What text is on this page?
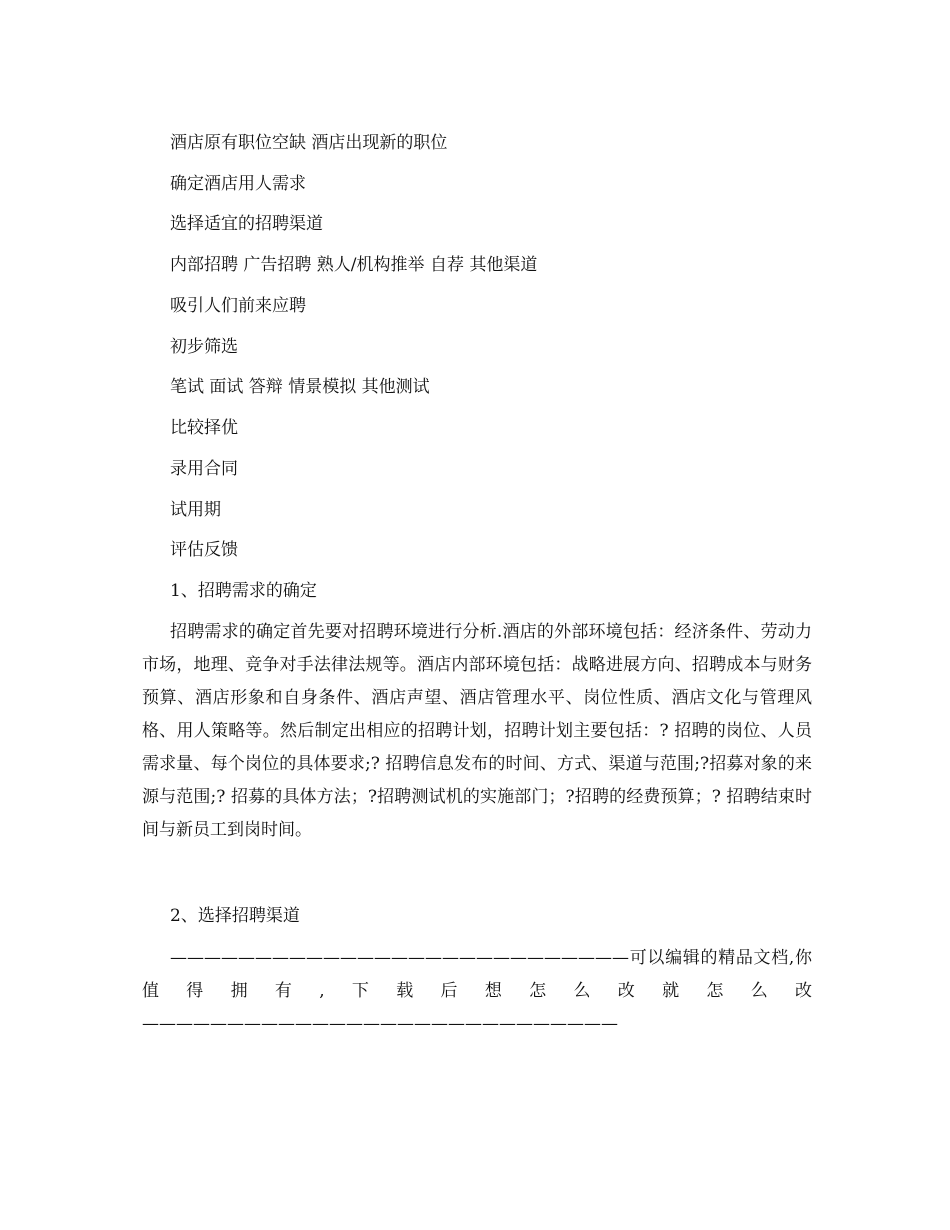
酒店原有职位空缺 酒店出现新的职位
确定酒店用人需求
选择适宜的招聘渠道
内部招聘 广告招聘 熟人/机构推举 自荐 其他渠道
吸引人们前来应聘
初步筛选
笔试 面试 答辩 情景模拟 其他测试
比较择优
录用合同
试用期
评估反馈
1、招聘需求的确定
招聘需求的确定首先要对招聘环境进行分析.酒店的外部环境包括：经济条件、劳动力市场，地理、竞争对手法律法规等。酒店内部环境包括：战略进展方向、招聘成本与财务预算、酒店形象和自身条件、酒店声望、酒店管理水平、岗位性质、酒店文化与管理风格、用人策略等。然后制定出相应的招聘计划，招聘计划主要包括：? 招聘的岗位、人员需求量、每个岗位的具体要求;? 招聘信息发布的时间、方式、渠道与范围;?招募对象的来源与范围;? 招募的具体方法；?招聘测试机的实施部门；?招聘的经费预算；? 招聘结束时间与新员工到岗时间。
2、选择招聘渠道
———————————————————————————可以编辑的精品文档,你值得拥有,下载后想怎么改就怎么改————————————————————————————
